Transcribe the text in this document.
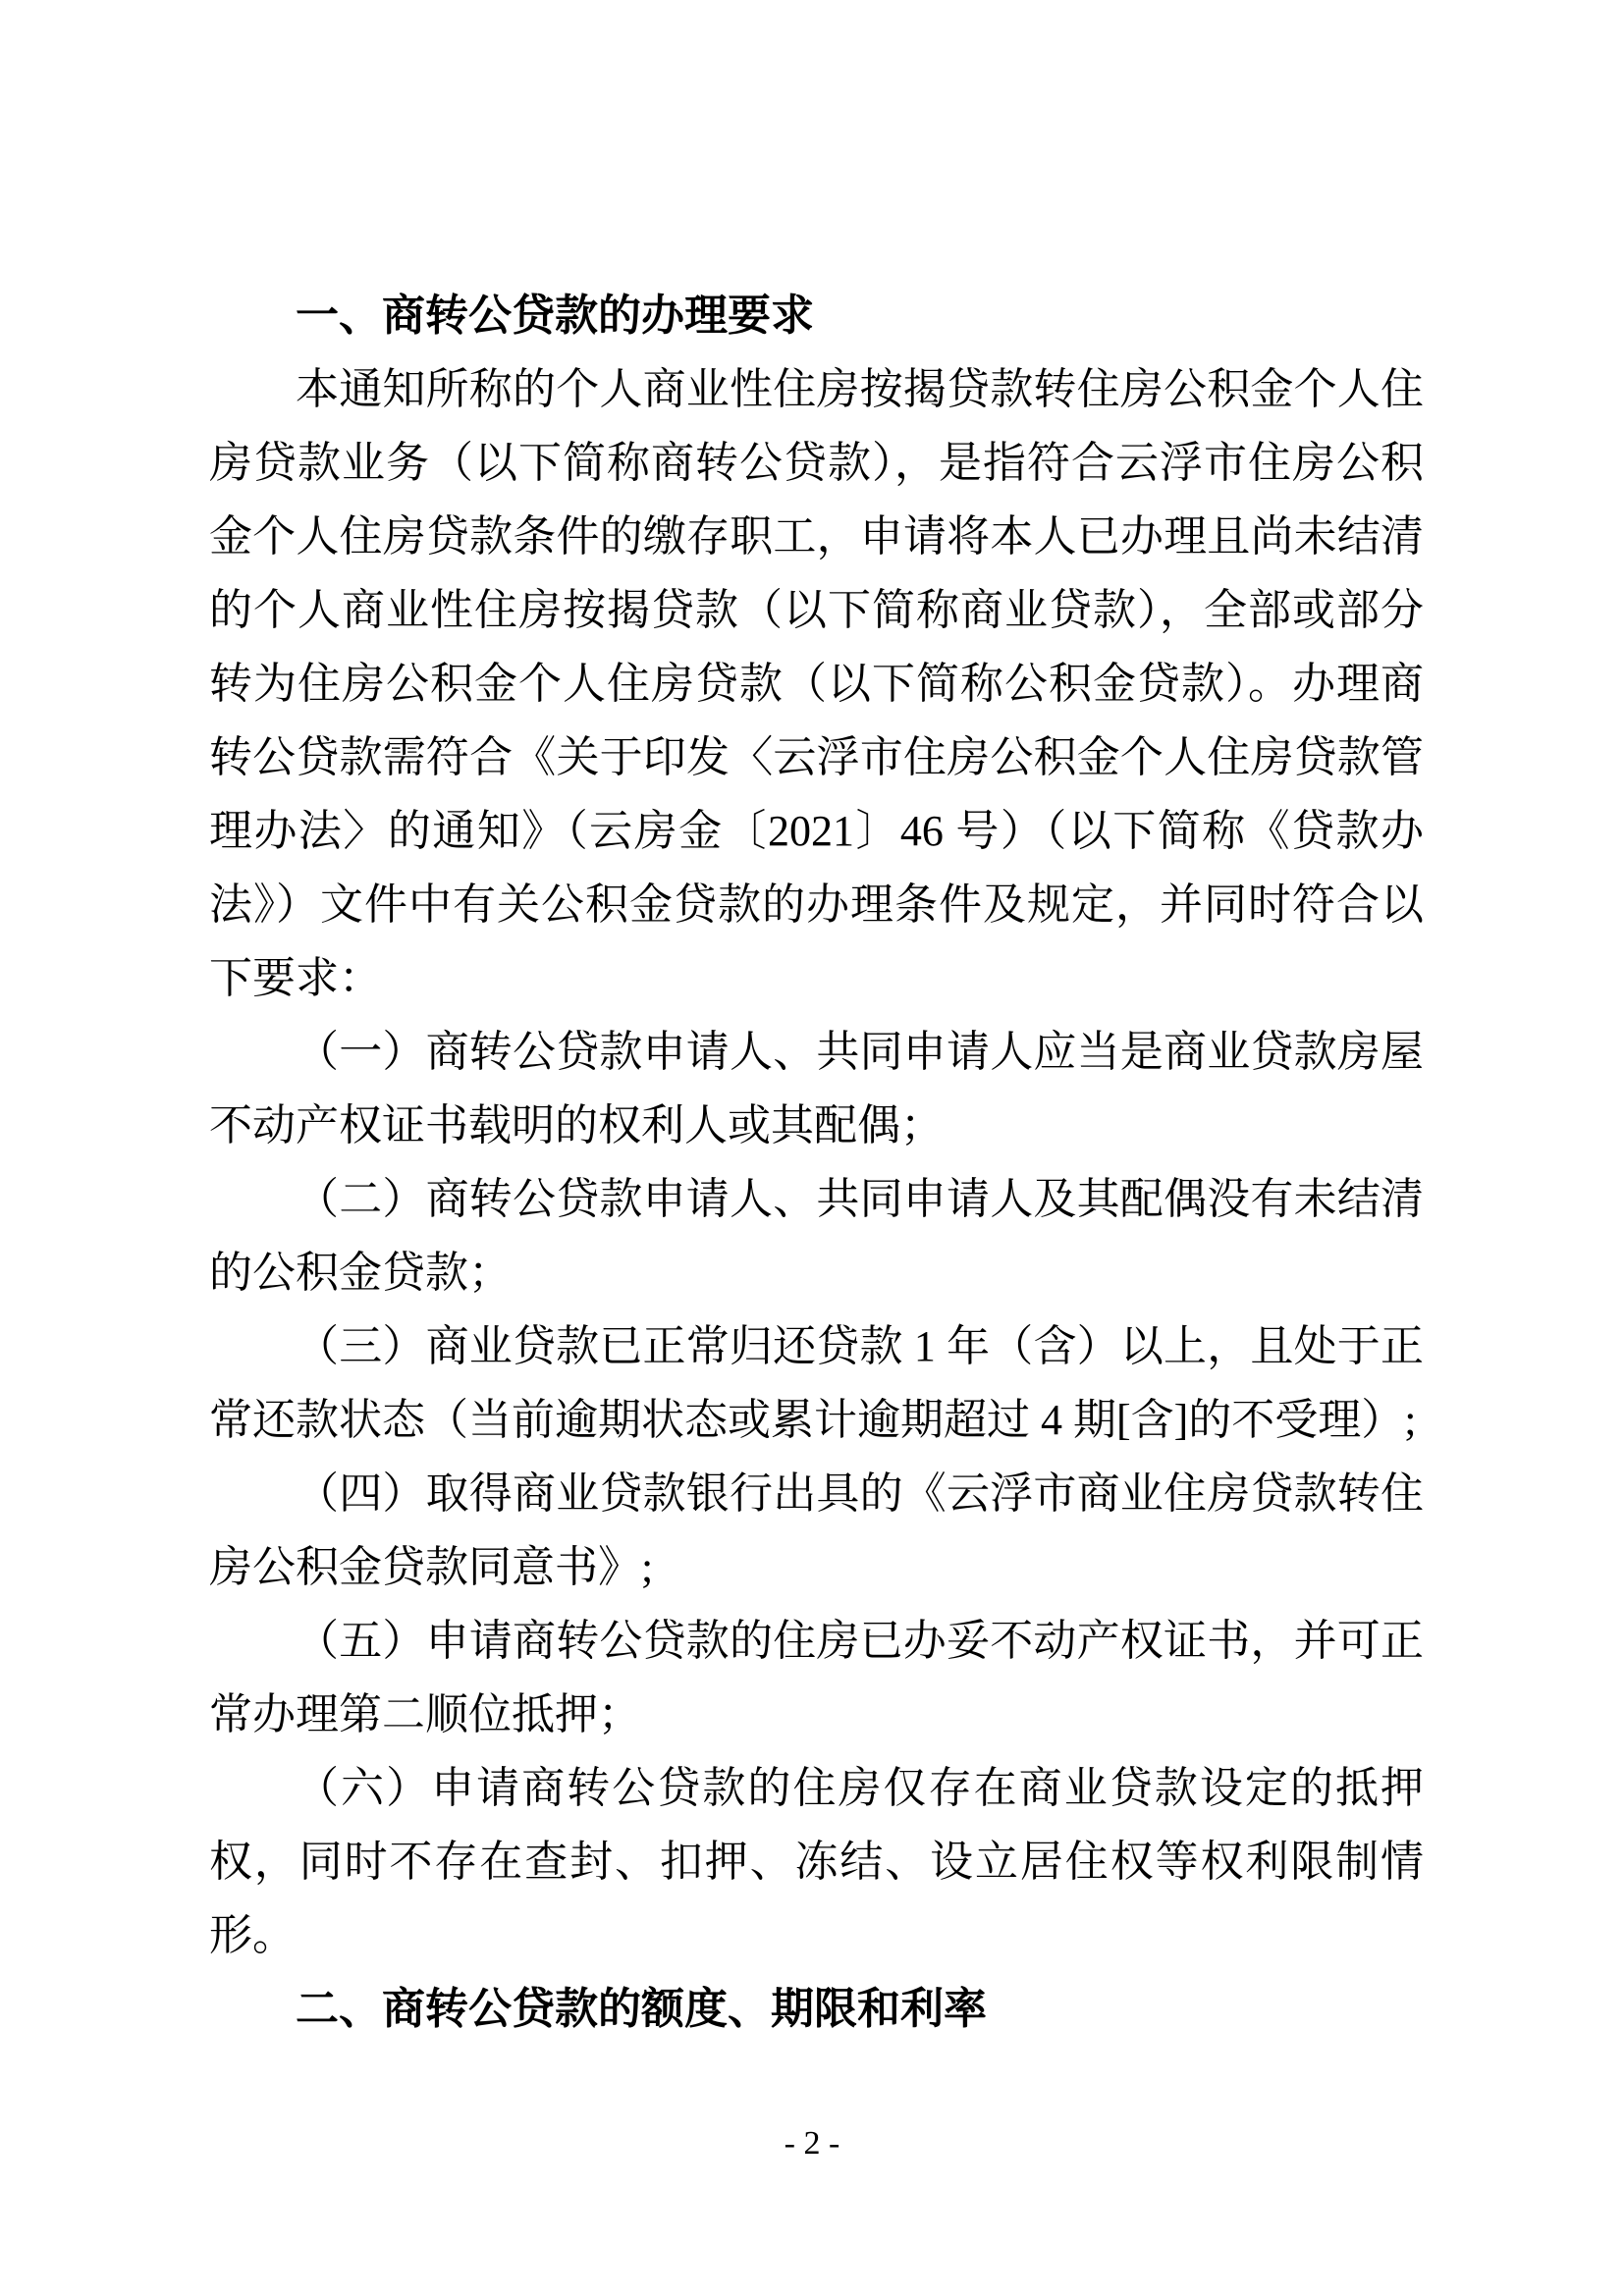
一、商转公贷款的办理要求

本通知所称的个人商业性住房按揭贷款转住房公积金个人住房贷款业务（以下简称商转公贷款），是指符合云浮市住房公积金个人住房贷款条件的缴存职工，申请将本人已办理且尚未结清的个人商业性住房按揭贷款（以下简称商业贷款），全部或部分转为住房公积金个人住房贷款（以下简称公积金贷款）。办理商转公贷款需符合《关于印发〈云浮市住房公积金个人住房贷款管理办法〉的通知》（云房金〔2021〕46 号）（以下简称《贷款办法》）文件中有关公积金贷款的办理条件及规定，并同时符合以下要求：

（一）商转公贷款申请人、共同申请人应当是商业贷款房屋不动产权证书载明的权利人或其配偶；

（二）商转公贷款申请人、共同申请人及其配偶没有未结清的公积金贷款；

（三）商业贷款已正常归还贷款 1 年（含）以上，且处于正常还款状态（当前逾期状态或累计逾期超过 4 期[含]的不受理）;

（四）取得商业贷款银行出具的《云浮市商业住房贷款转住房公积金贷款同意书》;

（五）申请商转公贷款的住房已办妥不动产权证书，并可正常办理第二顺位抵押；

（六）申请商转公贷款的住房仅存在商业贷款设定的抵押权，同时不存在查封、扣押、冻结、设立居住权等权利限制情形。

二、商转公贷款的额度、期限和利率
- 2 -
